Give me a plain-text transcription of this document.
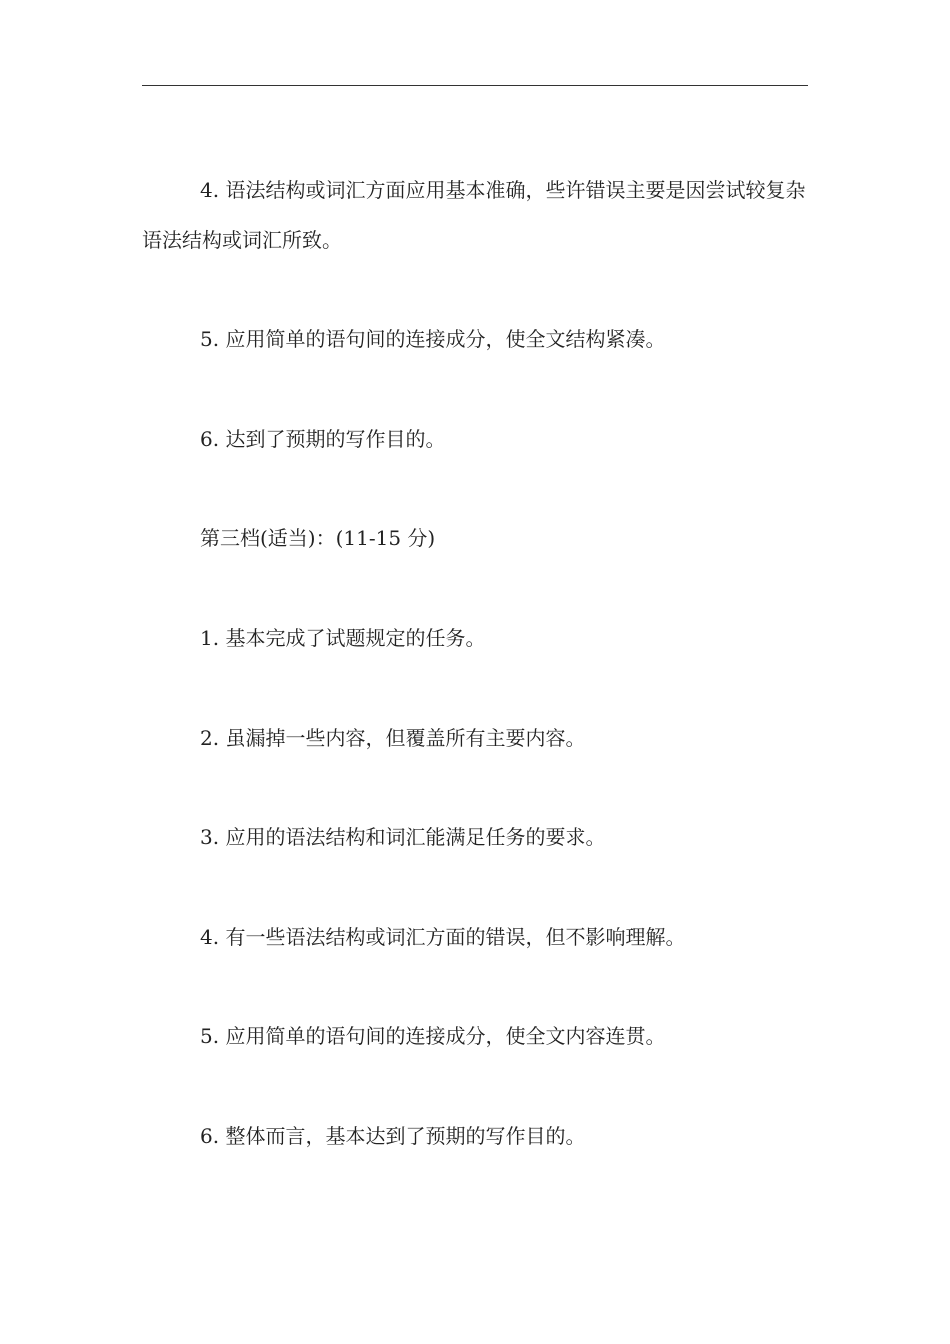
4. 语法结构或词汇方面应用基本准确，些许错误主要是因尝试较复杂语法结构或词汇所致。

5. 应用简单的语句间的连接成分，使全文结构紧凑。

6. 达到了预期的写作目的。

第三档(适当)：(11-15 分)

1. 基本完成了试题规定的任务。

2. 虽漏掉一些内容，但覆盖所有主要内容。

3. 应用的语法结构和词汇能满足任务的要求。

4. 有一些语法结构或词汇方面的错误，但不影响理解。

5. 应用简单的语句间的连接成分，使全文内容连贯。

6. 整体而言，基本达到了预期的写作目的。
